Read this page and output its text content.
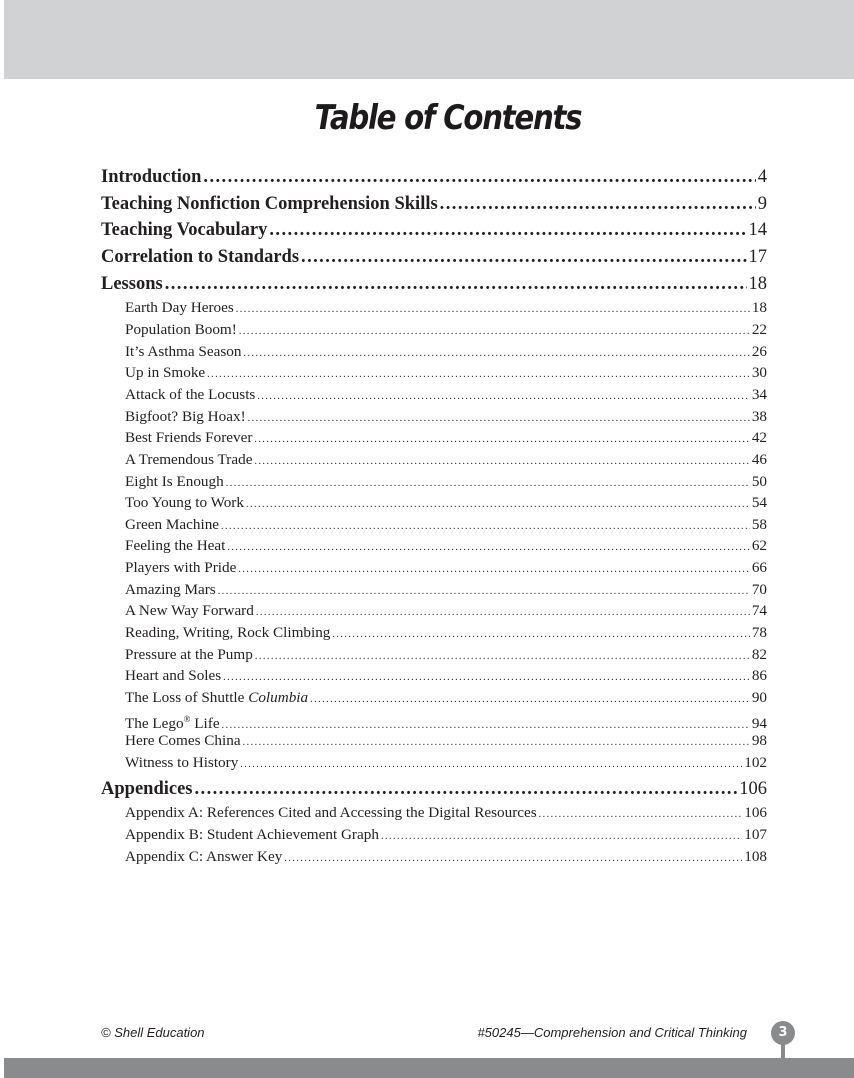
Table of Contents
Introduction . . .	4
Teaching Nonfiction Comprehension Skills . . .	9
Teaching Vocabulary . . .	14
Correlation to Standards . . .	17
Lessons . . .	18
Earth Day Heroes . . .	18
Population Boom! . . .	22
It’s Asthma Season . . .	26
Up in Smoke . . .	30
Attack of the Locusts . . .	34
Bigfoot? Big Hoax! . . .	38
Best Friends Forever . . .	42
A Tremendous Trade . . .	46
Eight Is Enough . . .	50
Too Young to Work . . .	54
Green Machine . . .	58
Feeling the Heat . . .	62
Players with Pride . . .	66
Amazing Mars . . .	70
A New Way Forward . . .	74
Reading, Writing, Rock Climbing . . .	78
Pressure at the Pump . . .	82
Heart and Soles . . .	86
The Loss of Shuttle Columbia . . .	90
The Lego® Life . . .	94
Here Comes China . . .	98
Witness to History . . .	102
Appendices . . .	106
Appendix A: References Cited and Accessing the Digital Resources . . .	106
Appendix B: Student Achievement Graph . . .	107
Appendix C: Answer Key . . .	108
© Shell Education	#50245—Comprehension and Critical Thinking	3
